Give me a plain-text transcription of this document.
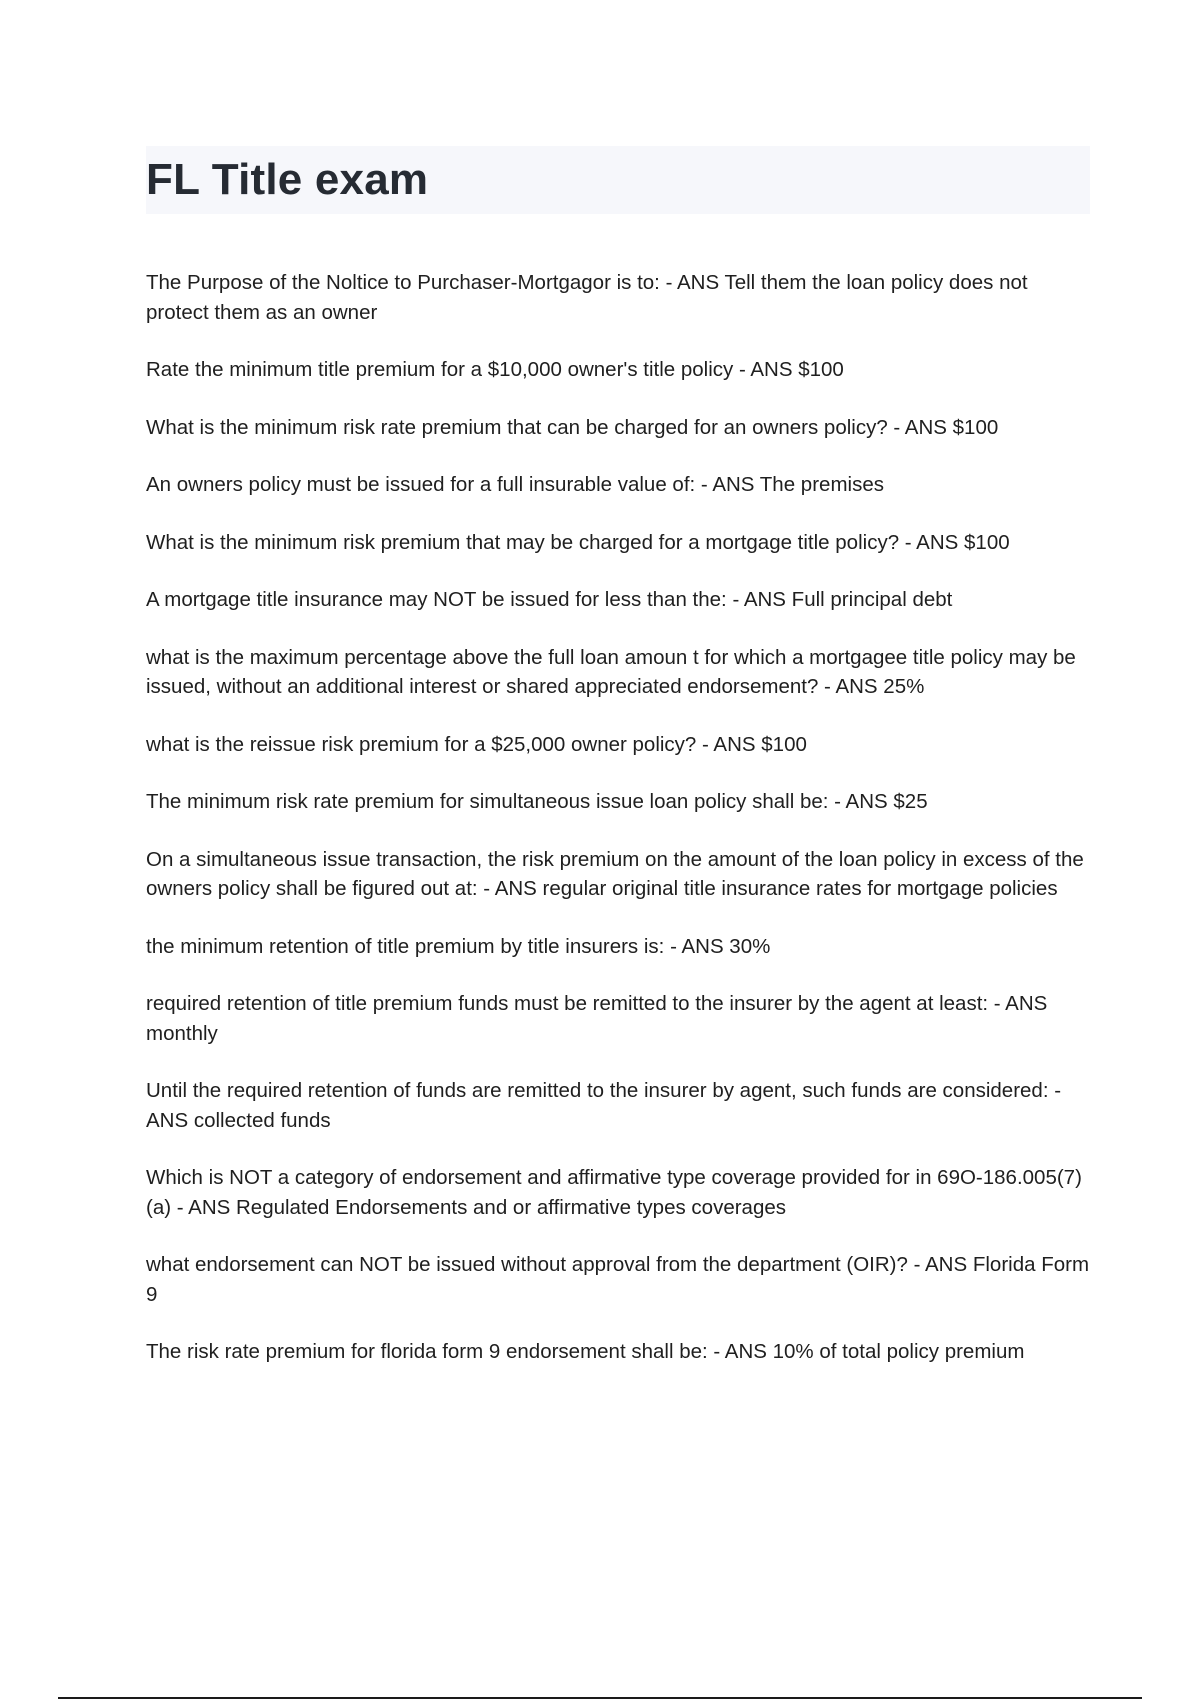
FL Title exam
The Purpose of the Noltice to Purchaser-Mortgagor is to: - ANS Tell them the loan policy does not protect them as an owner
Rate the minimum title premium for a $10,000 owner's title policy - ANS $100
What is the minimum risk rate premium that can be charged for an owners policy? - ANS $100
An owners policy must be issued for a full insurable value of: - ANS The premises
What is the minimum risk premium that may be charged for a mortgage title policy? - ANS $100
A mortgage title insurance may NOT be issued for less than the: - ANS Full principal debt
what is the maximum percentage above the full loan amoun t for which a mortgagee title policy may be issued, without an additional interest or shared appreciated endorsement? - ANS 25%
what is the reissue risk premium for a $25,000 owner policy? - ANS $100
The minimum risk rate premium for simultaneous issue loan policy shall be: - ANS $25
On a simultaneous issue transaction, the risk premium on the amount of the loan policy in excess of the owners policy shall be figured out at: - ANS regular original title insurance rates for mortgage policies
the minimum retention of title premium by title insurers is: - ANS 30%
required retention of title premium funds must be remitted to the insurer by the agent at least: - ANS monthly
Until the required retention of funds are remitted to the insurer by agent, such funds are considered: - ANS collected funds
Which is NOT a category of endorsement and affirmative type coverage provided for in 69O-186.005(7)(a) - ANS Regulated Endorsements and or affirmative types coverages
what endorsement can NOT be issued without approval from the department (OIR)? - ANS Florida Form 9
The risk rate premium for florida form 9 endorsement shall be: - ANS 10% of total policy premium
